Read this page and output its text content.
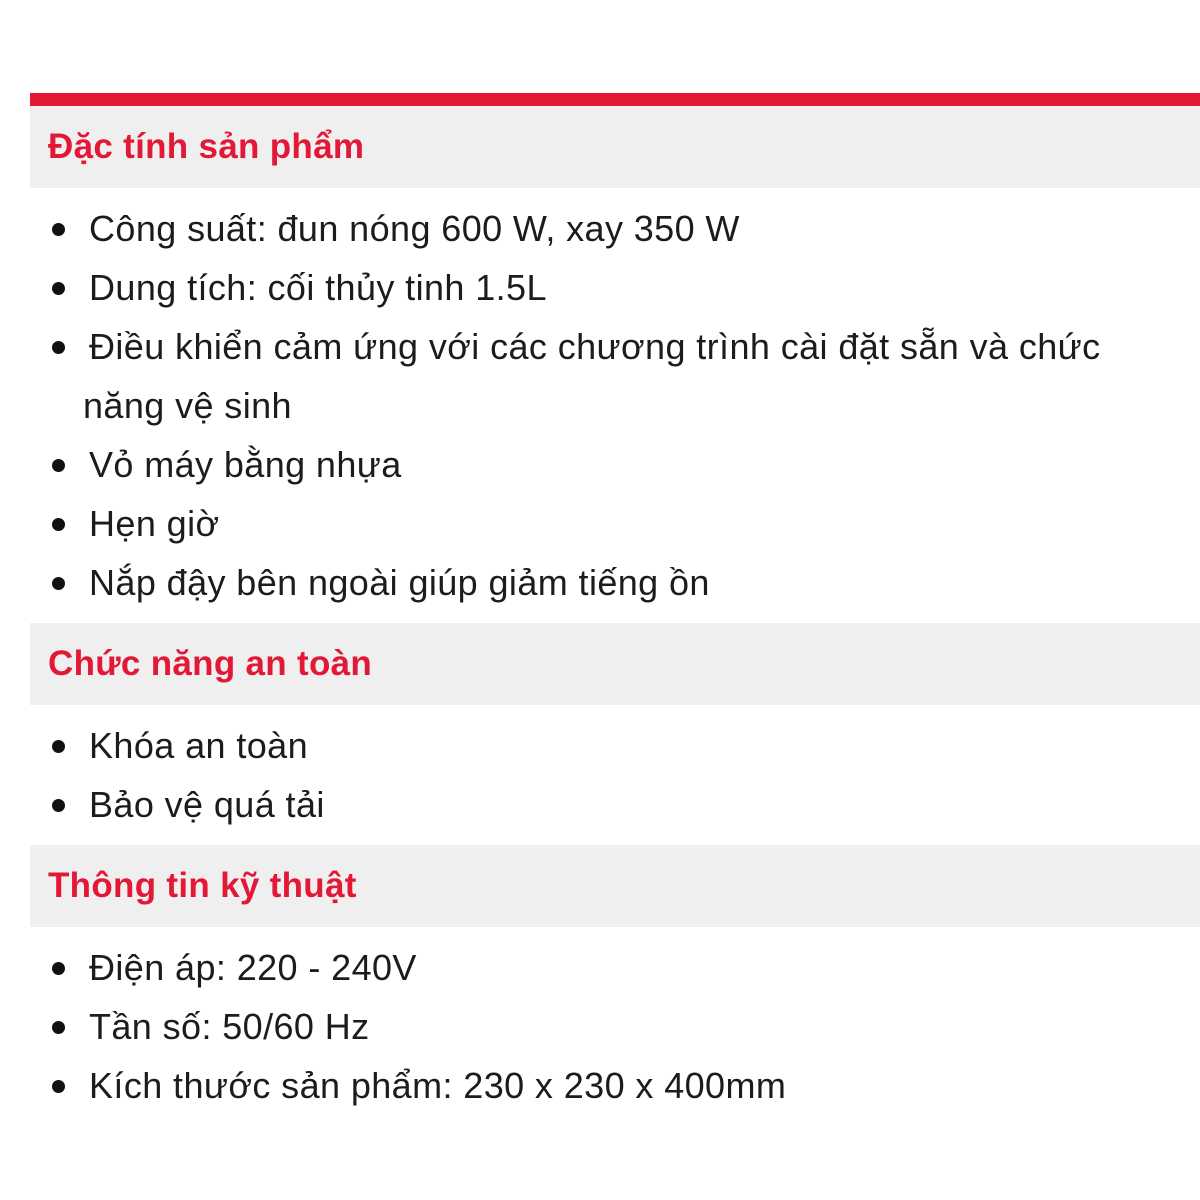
Đặc tính sản phẩm
Công suất: đun nóng 600 W, xay 350 W
Dung tích: cối thủy tinh 1.5L
Điều khiển cảm ứng với các chương trình cài đặt sẵn và chức
năng vệ sinh
Vỏ máy bằng nhựa
Hẹn giờ
Nắp đậy bên ngoài giúp giảm tiếng ồn
Chức năng an toàn
Khóa an toàn
Bảo vệ quá tải
Thông tin kỹ thuật
Điện áp: 220 - 240V
Tần số: 50/60 Hz
Kích thước sản phẩm: 230 x 230 x 400mm
